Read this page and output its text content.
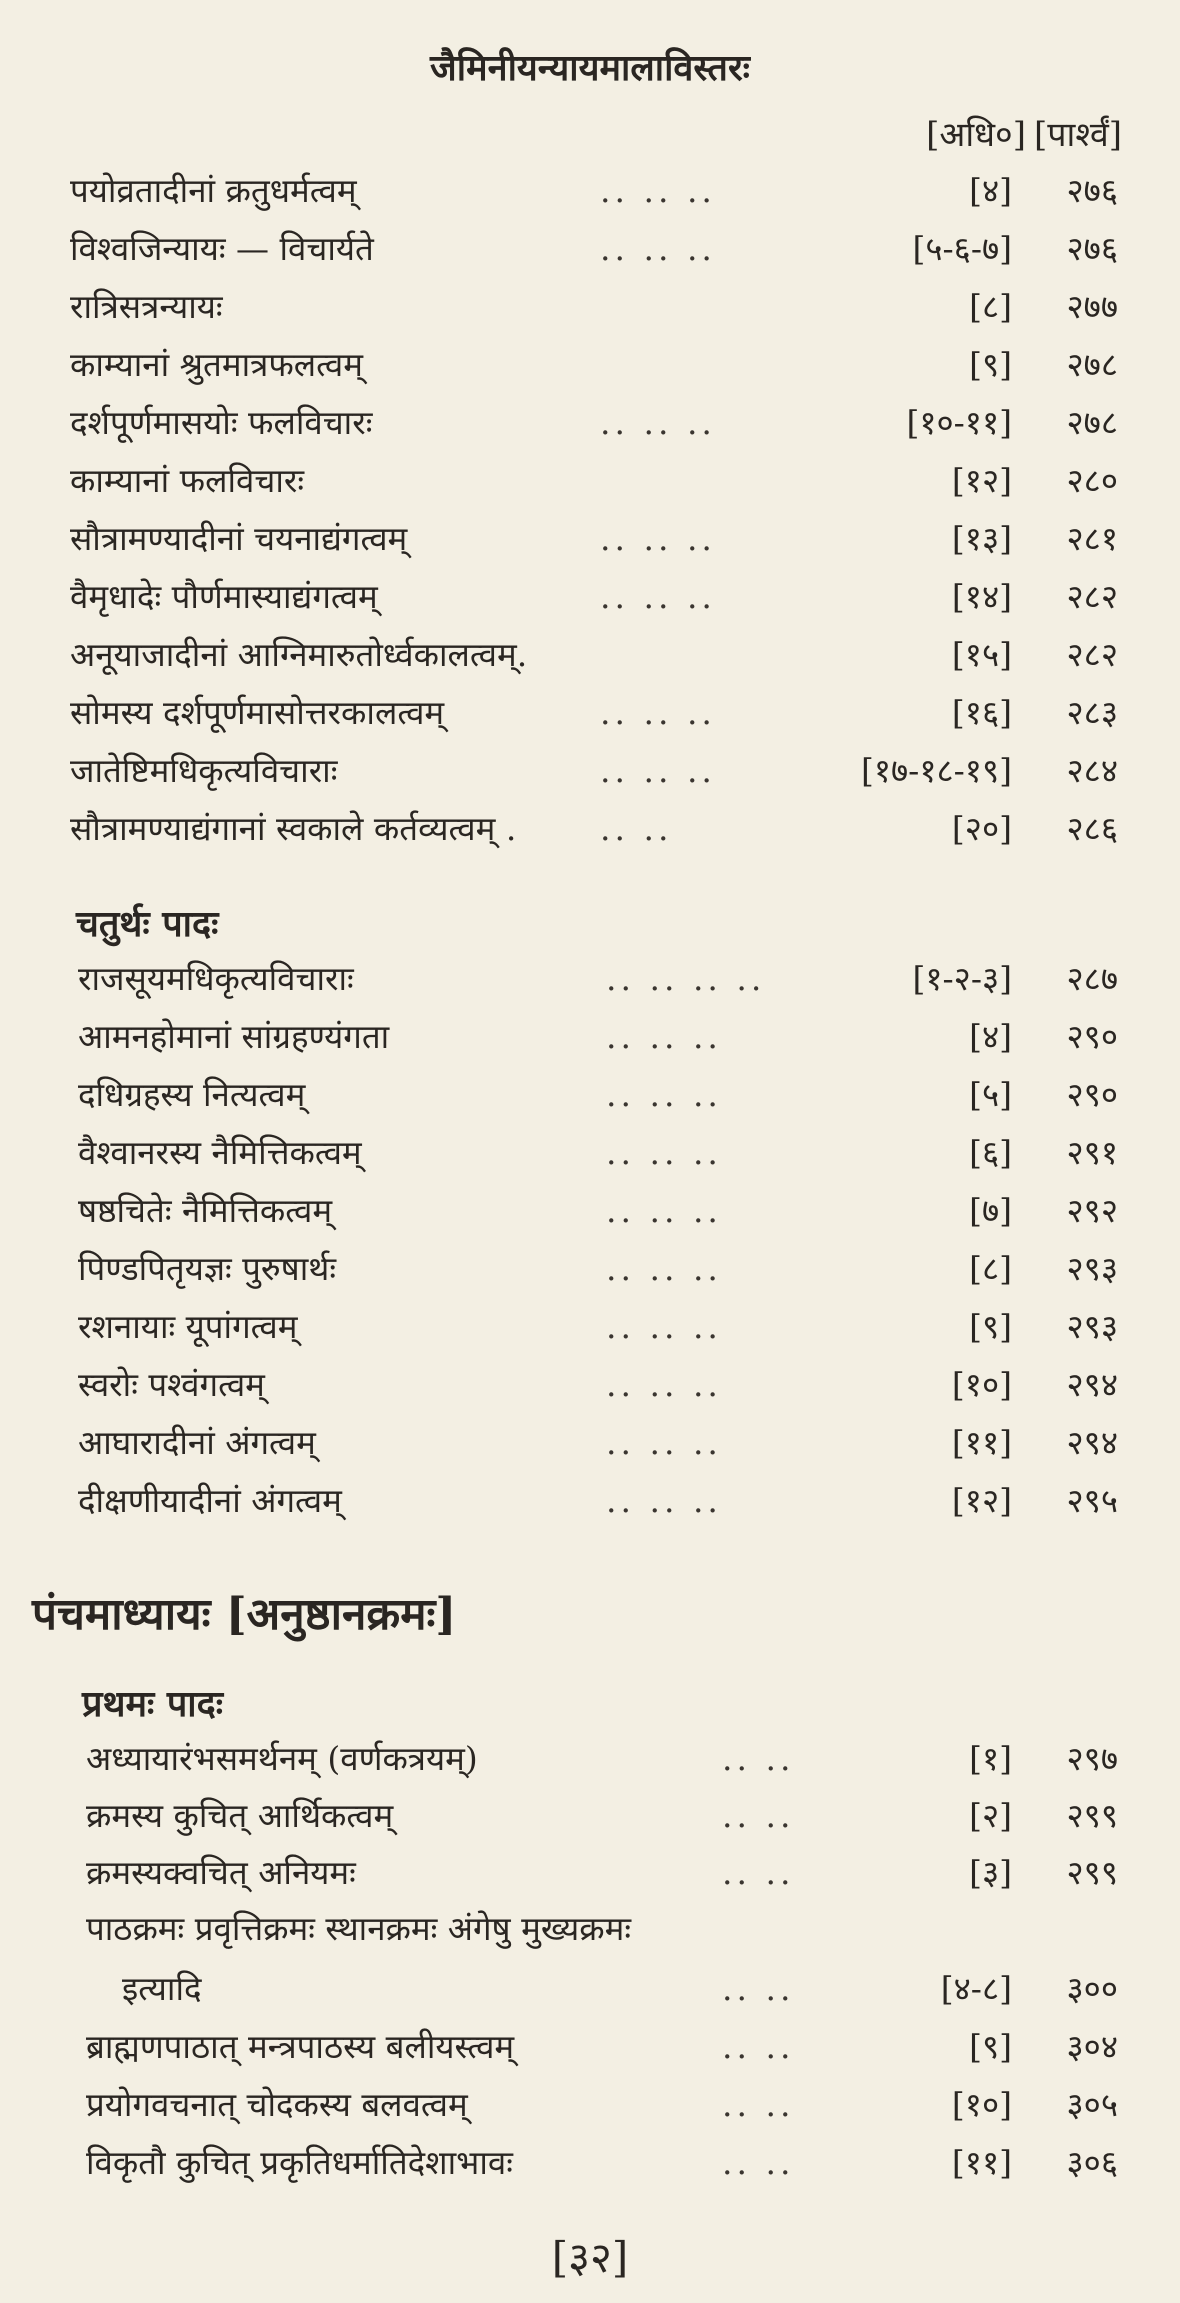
जैमिनीयन्यायमालाविस्तरः
[अधि०] [पार्श्वं]
पयोव्रतादीनां क्रतुधर्मत्वम्	.. .. ..	[४] २७६
विश्वजिन्यायः — विचार्यते	.. .. ..	[५-६-७] २७६
रात्रिसत्रन्यायः	[८] २७७
काम्यानां श्रुतमात्रफलत्वम्	[९] २७८
दर्शपूर्णमासयोः फलविचारः	.. .. ..	[१०-११] २७८
काम्यानां फलविचारः	[१२] २८०
सौत्रामण्यादीनां चयनाद्यंगत्वम्	.. .. ..	[१३] २८१
वैमृधादेः पौर्णमास्याद्यंगत्वम्	.. .. ..	[१४] २८२
अनूयाजादीनां आग्निमारुतोर्ध्वकालत्वम्.	[१५] २८२
सोमस्य दर्शपूर्णमासोत्तरकालत्वम्	.. .. ..	[१६] २८३
जातेष्टिमधिकृत्यविचाराः	.. .. ..	[१७-१८-१९] २८४
सौत्रामण्याद्यंगानां स्वकाले कर्तव्यत्वम् .	.. ..	[२०] २८६
चतुर्थः पादः
राजसूयमधिकृत्यविचाराः	.. .. .. ..	[१-२-३] २८७
आमनहोमानां सांग्रहण्यंगता	.. .. ..	[४] २९०
दधिग्रहस्य नित्यत्वम्	.. .. ..	[५] २९०
वैश्वानरस्य नैमित्तिकत्वम्	.. .. ..	[६] २९१
षष्ठचितेः नैमित्तिकत्वम्	.. .. ..	[७] २९२
पिण्डपितृयज्ञः पुरुषार्थः	.. .. ..	[८] २९३
रशनायाः यूपांगत्वम्	.. .. ..	[९] २९३
स्वरोः पश्वंगत्वम्	.. .. ..	[१०] २९४
आघारादीनां अंगत्वम्	.. .. ..	[११] २९४
दीक्षणीयादीनां अंगत्वम्	.. .. ..	[१२] २९५
पंचमाध्यायः [अनुष्ठानक्रमः]
प्रथमः पादः
अध्यायारंभसमर्थनम् (वर्णकत्रयम्)	.. ..	[१] २९७
क्रमस्य कुचित् आर्थिकत्वम्	.. ..	[२] २९९
क्रमस्यक्वचित् अनियमः	.. ..	[३] २९९
पाठक्रमः प्रवृत्तिक्रमः स्थानक्रमः अंगेषु मुख्यक्रमः
इत्यादि	.. ..	[४-८] ३००
ब्राह्मणपाठात् मन्त्रपाठस्य बलीयस्त्वम्	.. ..	[९] ३०४
प्रयोगवचनात् चोदकस्य बलवत्वम्	.. ..	[१०] ३०५
विकृतौ कुचित् प्रकृतिधर्मातिदेशाभावः	.. ..	[११] ३०६
[३२]
